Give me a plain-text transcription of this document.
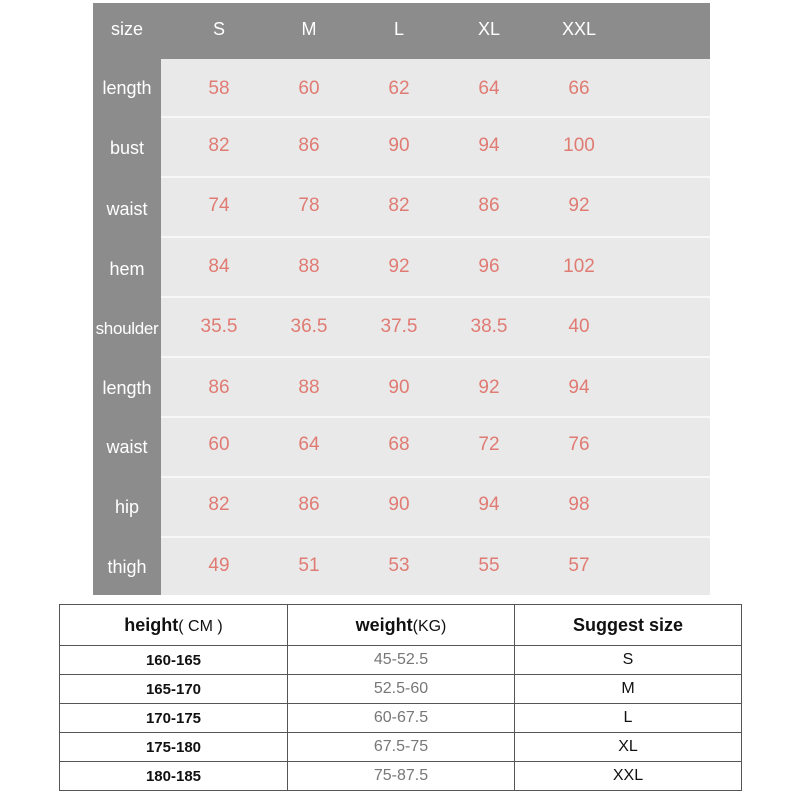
size	S	M	L	XL	XXL
length	58	60	62	64	66
bust	82	86	90	94	100
waist	74	78	82	86	92
hem	84	88	92	96	102
shoulder	35.5	36.5	37.5	38.5	40
length	86	88	90	92	94
waist	60	64	68	72	76
hip	82	86	90	94	98
thigh	49	51	53	55	57
height( CM )	weight(KG)	Suggest size
160-165	45-52.5	S
165-170	52.5-60	M
170-175	60-67.5	L
175-180	67.5-75	XL
180-185	75-87.5	XXL
